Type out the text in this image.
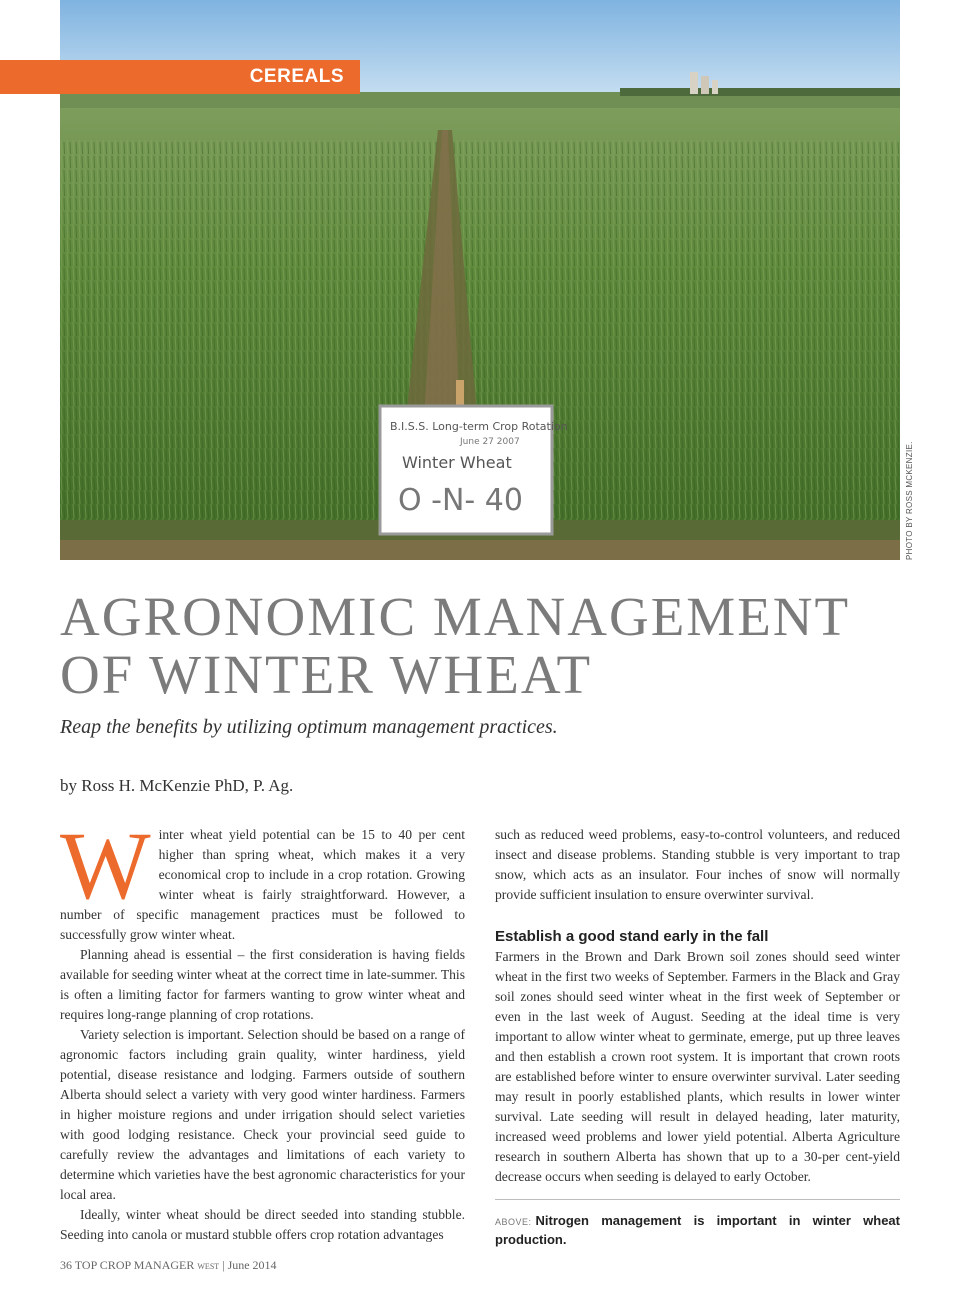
B.I.S.S. Long-term Crop Rotation
June 27 2007
Winter Wheat
O -N- 40
CEREALS
PHOTO BY ROSS MCKENZIE.
AGRONOMIC MANAGEMENT
OF WINTER WHEAT
Reap the benefits by utilizing optimum management practices.
by Ross H. McKenzie PhD, P. Ag.

Winter wheat yield potential can be 15 to 40 per cent higher than spring wheat, which makes it a very economical crop to include in a crop rotation. Growing winter wheat is fairly straightforward. However, a number of specific management practices must be followed to successfully grow winter wheat.

Planning ahead is essential – the first consideration is having fields available for seeding winter wheat at the correct time in late-summer. This is often a limiting factor for farmers wanting to grow winter wheat and requires long-range planning of crop rotations.

Variety selection is important. Selection should be based on a range of agronomic factors including grain quality, winter hardiness, yield potential, disease resistance and lodging. Farmers outside of southern Alberta should select a variety with very good winter hardiness. Farmers in higher moisture regions and under irrigation should select varieties with good lodging resistance. Check your provincial seed guide to carefully review the advantages and limitations of each variety to determine which varieties have the best agronomic characteristics for your local area.

Ideally, winter wheat should be direct seeded into standing stubble. Seeding into canola or mustard stubble offers crop rotation advantages

such as reduced weed problems, easy-to-control volunteers, and reduced insect and disease problems. Standing stubble is very important to trap snow, which acts as an insulator. Four inches of snow will normally provide sufficient insulation to ensure overwinter survival.

Establish a good stand early in the fall

Farmers in the Brown and Dark Brown soil zones should seed winter wheat in the first two weeks of September. Farmers in the Black and Gray soil zones should seed winter wheat in the first week of September or even in the last week of August. Seeding at the ideal time is very important to allow winter wheat to germinate, emerge, put up three leaves and then establish a crown root system. It is important that crown roots are established before winter to ensure overwinter survival. Later seeding may result in poorly established plants, which results in lower winter survival. Late seeding will result in delayed heading, later maturity, increased weed problems and lower yield potential. Alberta Agriculture research in southern Alberta has shown that up to a 30-per cent-yield decrease occurs when seeding is delayed to early October.

ABOVE: Nitrogen management is important in winter wheat production.
36 TOP CROP MANAGER WEST | June 2014
